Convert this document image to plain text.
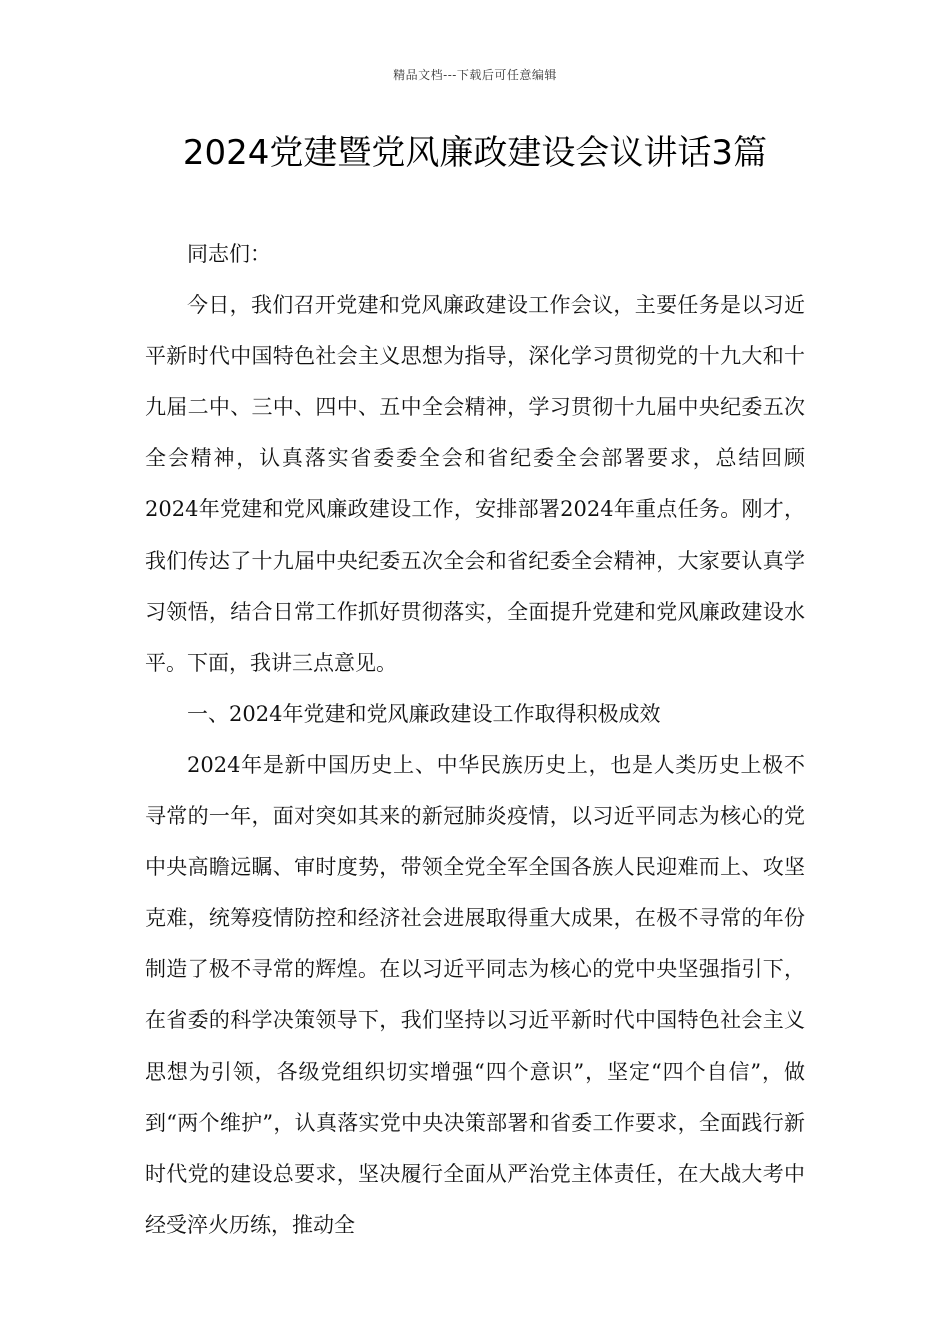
精品文档---下载后可任意编辑
2024党建暨党风廉政建设会议讲话3篇

同志们：

今日，我们召开党建和党风廉政建设工作会议，主要任务是以习近平新时代中国特色社会主义思想为指导，深化学习贯彻党的十九大和十九届二中、三中、四中、五中全会精神，学习贯彻十九届中央纪委五次全会精神，认真落实省委委全会和省纪委全会部署要求，总结回顾2024年党建和党风廉政建设工作，安排部署2024年重点任务。刚才，我们传达了十九届中央纪委五次全会和省纪委全会精神，大家要认真学习领悟，结合日常工作抓好贯彻落实，全面提升党建和党风廉政建设水平。下面，我讲三点意见。

一、2024年党建和党风廉政建设工作取得积极成效

2024年是新中国历史上、中华民族历史上，也是人类历史上极不寻常的一年，面对突如其来的新冠肺炎疫情，以习近平同志为核心的党中央高瞻远瞩、审时度势，带领全党全军全国各族人民迎难而上、攻坚克难，统筹疫情防控和经济社会进展取得重大成果，在极不寻常的年份制造了极不寻常的辉煌。在以习近平同志为核心的党中央坚强指引下，在省委的科学决策领导下，我们坚持以习近平新时代中国特色社会主义思想为引领，各级党组织切实增强“四个意识”，坚定“四个自信”，做到“两个维护”，认真落实党中央决策部署和省委工作要求，全面践行新时代党的建设总要求，坚决履行全面从严治党主体责任，在大战大考中经受淬火历练，推动全
